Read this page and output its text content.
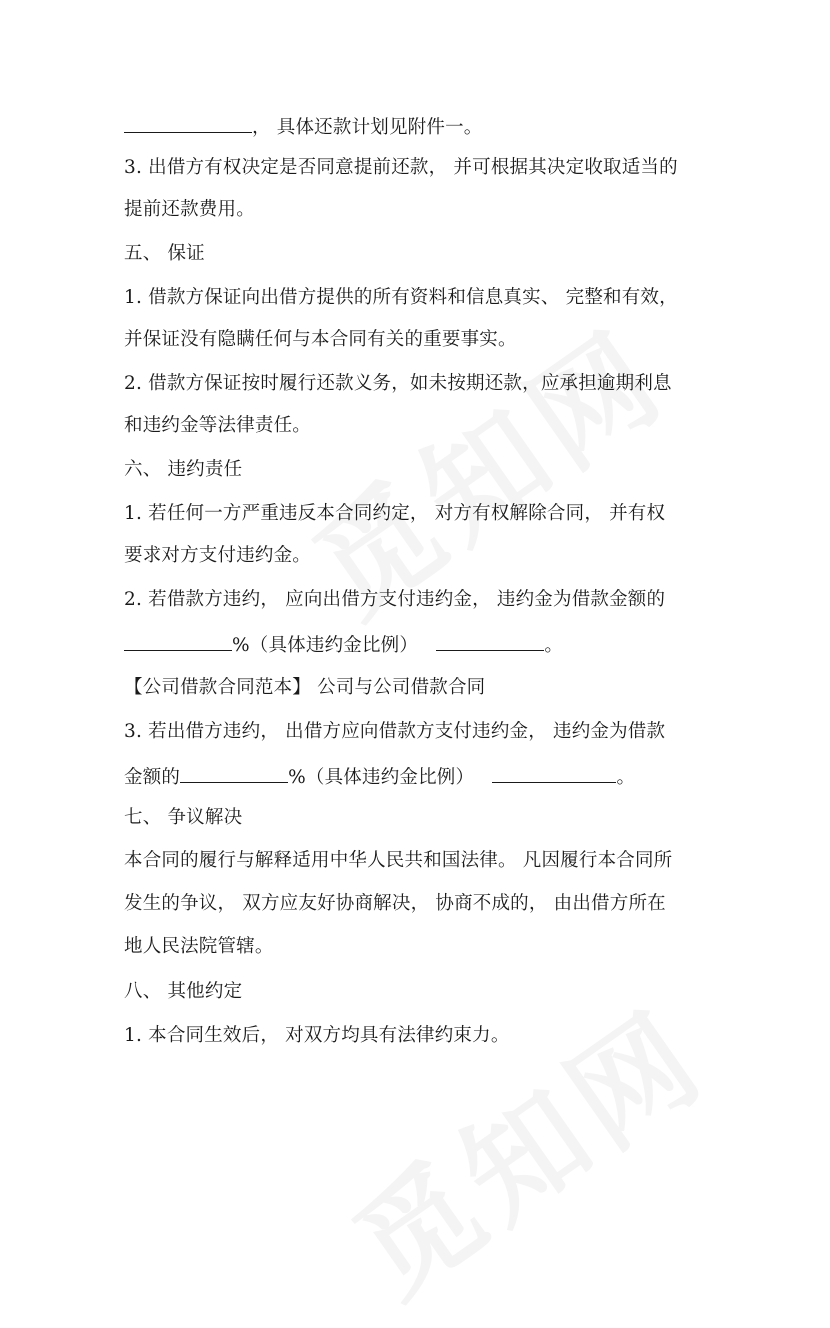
， 具体还款计划见附件一。
3. 出借方有权决定是否同意提前还款， 并可根据其决定收取适当的
提前还款费用。
五、 保证
1. 借款方保证向出借方提供的所有资料和信息真实、 完整和有效，
并保证没有隐瞒任何与本合同有关的重要事实。
2. 借款方保证按时履行还款义务，如未按期还款，应承担逾期利息
和违约金等法律责任。
六、 违约责任
1. 若任何一方严重违反本合同约定， 对方有权解除合同， 并有权
要求对方支付违约金。
2. 若借款方违约， 应向出借方支付违约金， 违约金为借款金额的
%（具体违约金比例）	。
【公司借款合同范本】 公司与公司借款合同
3. 若出借方违约， 出借方应向借款方支付违约金， 违约金为借款
金额的	%（具体违约金比例）	。
七、 争议解决
本合同的履行与解释适用中华人民共和国法律。 凡因履行本合同所
发生的争议， 双方应友好协商解决， 协商不成的， 由出借方所在
地人民法院管辖。
八、 其他约定
1. 本合同生效后， 对双方均具有法律约束力。
